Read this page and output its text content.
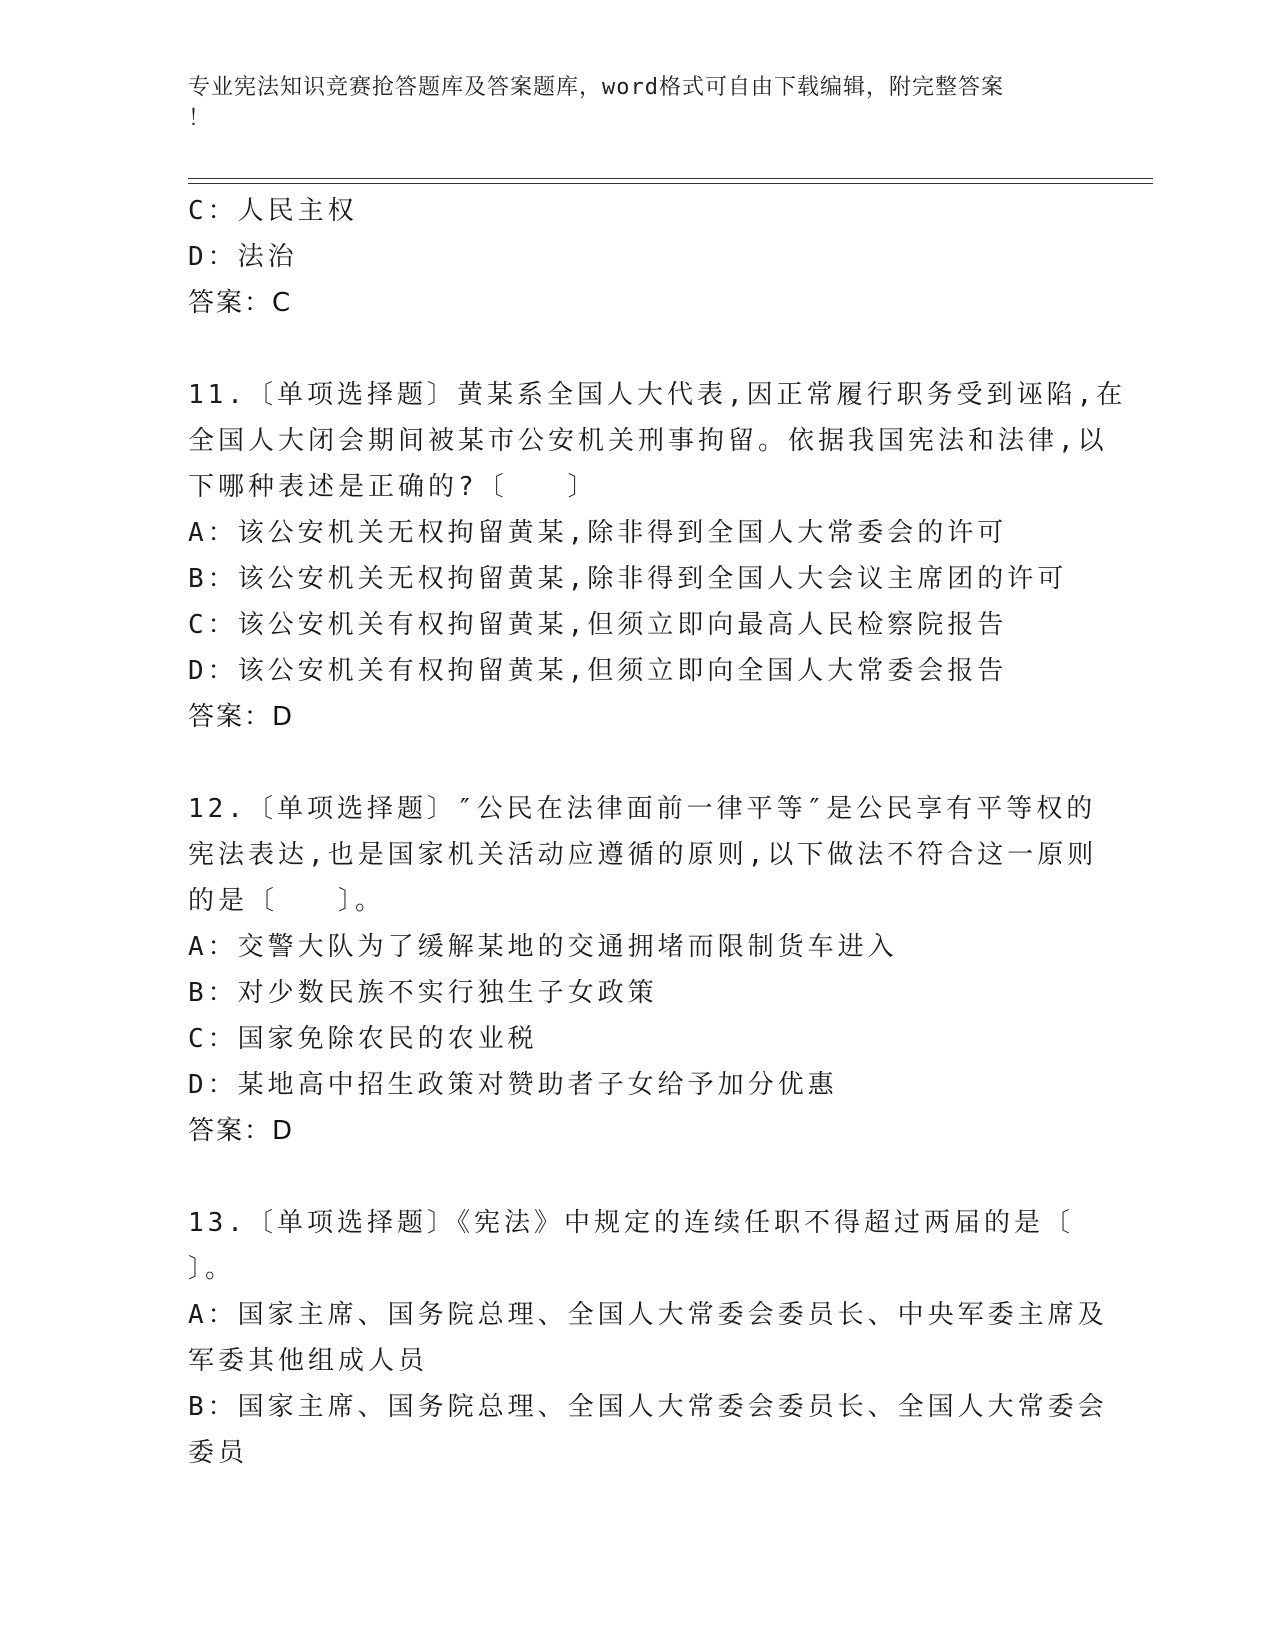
专业宪法知识竞赛抢答题库及答案题库，word格式可自由下载编辑，附完整答案
！
C：人民主权
D：法治
答案：C
11.〔单项选择题〕黄某系全国人大代表,因正常履行职务受到诬陷,在
全国人大闭会期间被某市公安机关刑事拘留。依据我国宪法和法律,以
下哪种表述是正确的?〔　　〕
A：该公安机关无权拘留黄某,除非得到全国人大常委会的许可
B：该公安机关无权拘留黄某,除非得到全国人大会议主席团的许可
C：该公安机关有权拘留黄某,但须立即向最高人民检察院报告
D：该公安机关有权拘留黄某,但须立即向全国人大常委会报告
答案：D
12.〔单项选择题〕″公民在法律面前一律平等″是公民享有平等权的
宪法表达,也是国家机关活动应遵循的原则,以下做法不符合这一原则
的是〔　　〕。
A：交警大队为了缓解某地的交通拥堵而限制货车进入
B：对少数民族不实行独生子女政策
C：国家免除农民的农业税
D：某地高中招生政策对赞助者子女给予加分优惠
答案：D
13.〔单项选择题〕《宪法》中规定的连续任职不得超过两届的是〔
〕。
A：国家主席、国务院总理、全国人大常委会委员长、中央军委主席及
军委其他组成人员
B：国家主席、国务院总理、全国人大常委会委员长、全国人大常委会
委员
